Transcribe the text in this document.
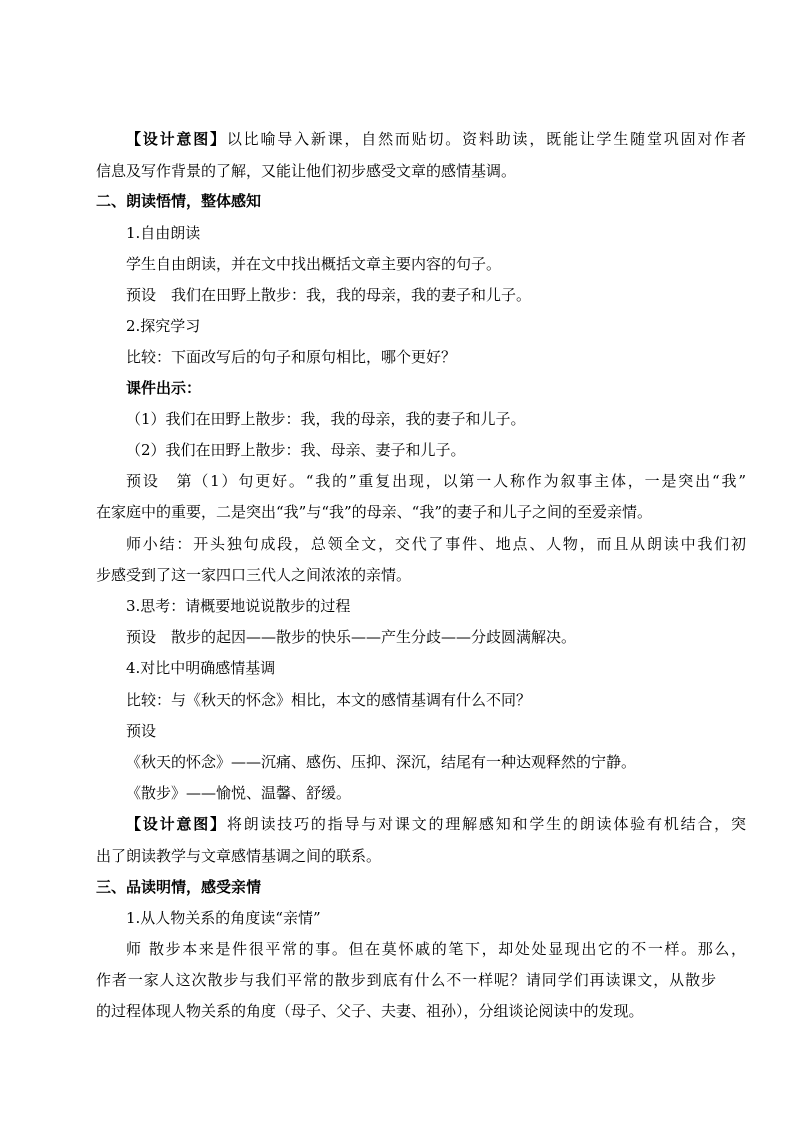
【设计意图】以比喻导入新课，自然而贴切。资料助读，既能让学生随堂巩固对作者
信息及写作背景的了解，又能让他们初步感受文章的感情基调。
二、朗读悟情，整体感知
1.自由朗读
学生自由朗读，并在文中找出概括文章主要内容的句子。
预设　我们在田野上散步：我，我的母亲，我的妻子和儿子。
2.探究学习
比较：下面改写后的句子和原句相比，哪个更好？
课件出示：
（1）我们在田野上散步：我，我的母亲，我的妻子和儿子。
（2）我们在田野上散步：我、母亲、妻子和儿子。
预设　第（1）句更好。“我的”重复出现，以第一人称作为叙事主体，一是突出“我”
在家庭中的重要，二是突出“我”与“我”的母亲、“我”的妻子和儿子之间的至爱亲情。
师小结：开头独句成段，总领全文，交代了事件、地点、人物，而且从朗读中我们初
步感受到了这一家四口三代人之间浓浓的亲情。
3.思考：请概要地说说散步的过程
预设　散步的起因——散步的快乐——产生分歧——分歧圆满解决。
4.对比中明确感情基调
比较：与《秋天的怀念》相比，本文的感情基调有什么不同？
预设
《秋天的怀念》——沉痛、感伤、压抑、深沉，结尾有一种达观释然的宁静。
《散步》——愉悦、温馨、舒缓。
【设计意图】将朗读技巧的指导与对课文的理解感知和学生的朗读体验有机结合，突
出了朗读教学与文章感情基调之间的联系。
三、品读明情，感受亲情
1.从人物关系的角度读“亲情”
师 散步本来是件很平常的事。但在莫怀戚的笔下，却处处显现出它的不一样。那么，
作者一家人这次散步与我们平常的散步到底有什么不一样呢？请同学们再读课文，从散步
的过程体现人物关系的角度（母子、父子、夫妻、祖孙），分组谈论阅读中的发现。
